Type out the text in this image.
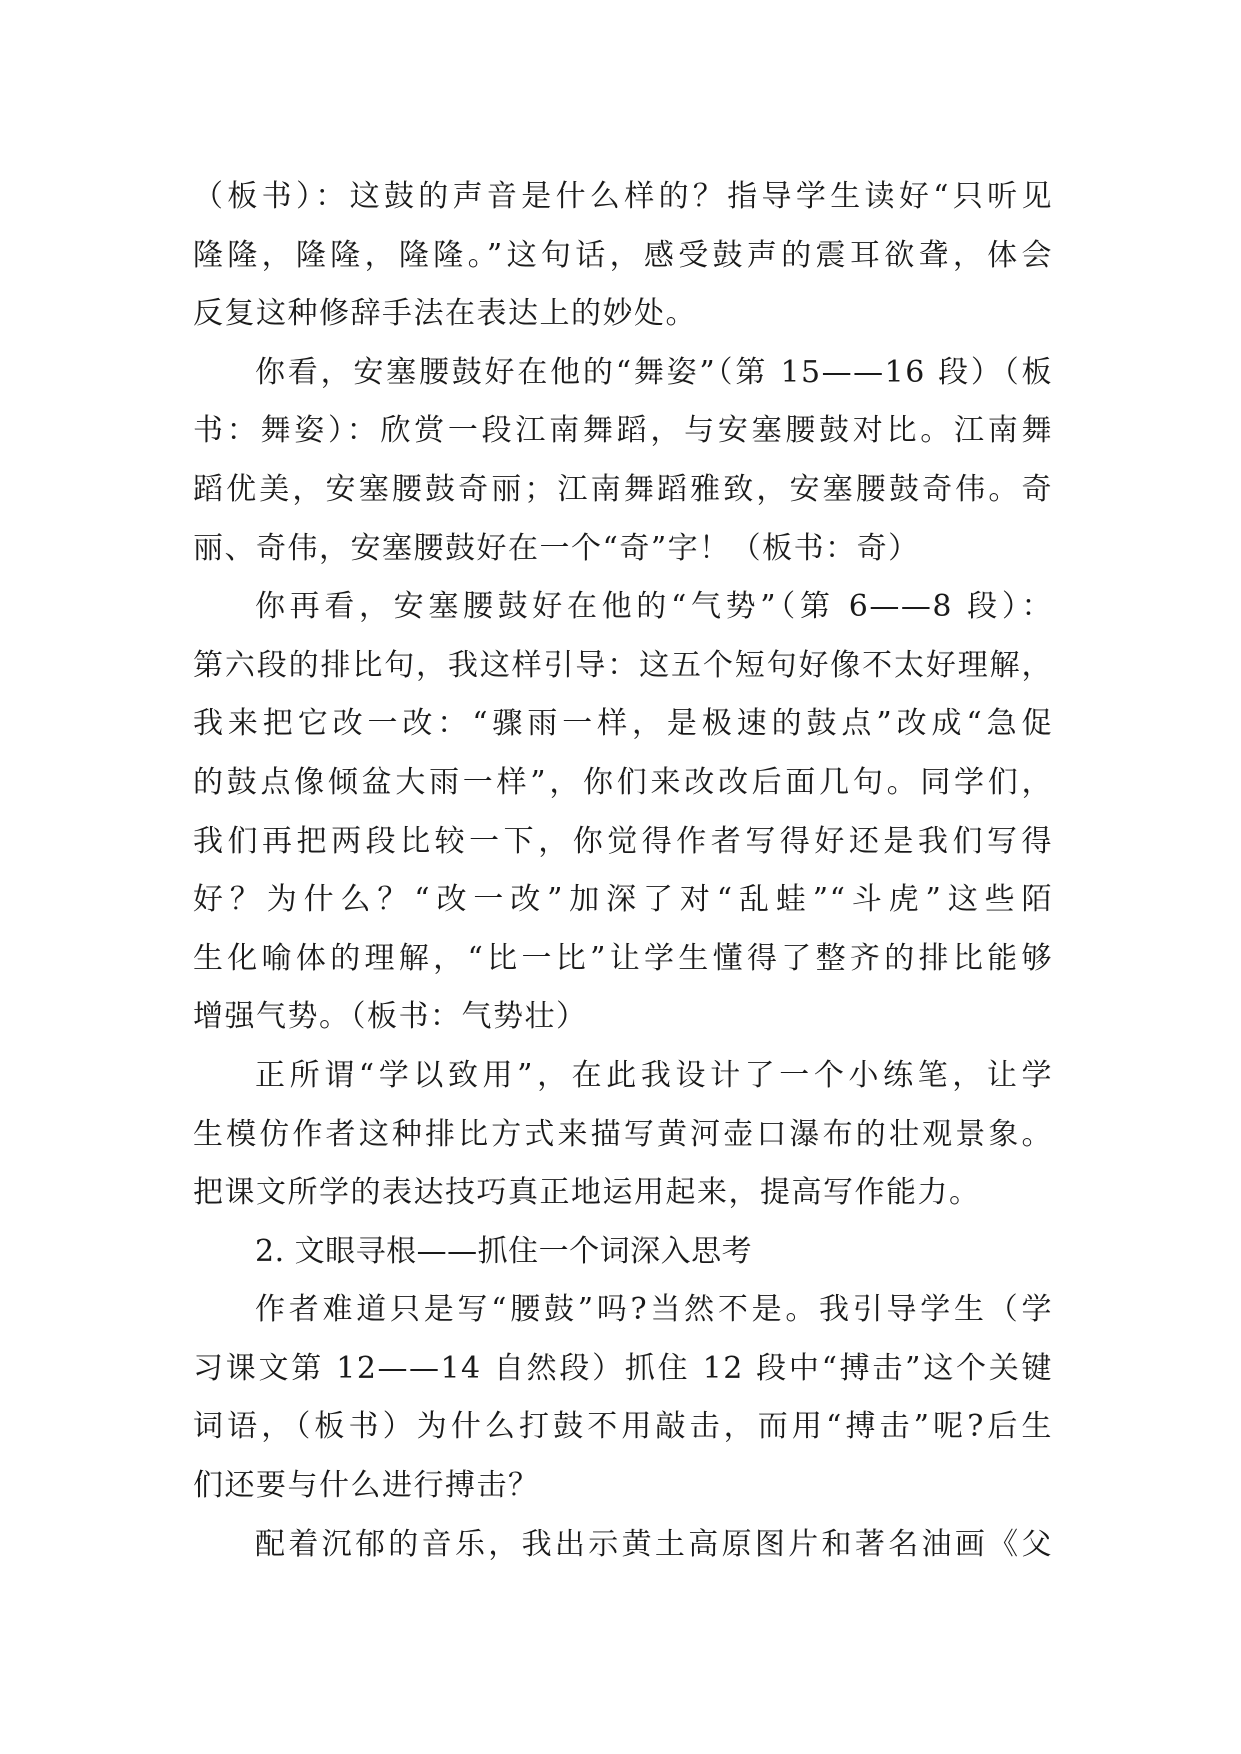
（板书）：这鼓的声音是什么样的？指导学生读好“只听见
隆隆，隆隆，隆隆。”这句话，感受鼓声的震耳欲聋，体会
反复这种修辞手法在表达上的妙处。
你看，安塞腰鼓好在他的“舞姿”（第 15——16 段）（板
书：舞姿）：欣赏一段江南舞蹈，与安塞腰鼓对比。江南舞
蹈优美，安塞腰鼓奇丽；江南舞蹈雅致，安塞腰鼓奇伟。奇
丽、奇伟，安塞腰鼓好在一个“奇”字！（板书：奇）
你再看，安塞腰鼓好在他的“气势”（第 6——8 段）：
第六段的排比句，我这样引导：这五个短句好像不太好理解，
我来把它改一改：“骤雨一样，是极速的鼓点”改成“急促
的鼓点像倾盆大雨一样”，你们来改改后面几句。同学们，
我们再把两段比较一下，你觉得作者写得好还是我们写得
好？为什么？“改一改”加深了对“乱蛙”“斗虎”这些陌
生化喻体的理解，“比一比”让学生懂得了整齐的排比能够
增强气势。（板书：气势壮）
正所谓“学以致用”，在此我设计了一个小练笔，让学
生模仿作者这种排比方式来描写黄河壶口瀑布的壮观景象。
把课文所学的表达技巧真正地运用起来，提高写作能力。
2. 文眼寻根——抓住一个词深入思考
作者难道只是写“腰鼓”吗?当然不是。我引导学生（学
习课文第 12——14 自然段）抓住 12 段中“搏击”这个关键
词语，（板书）为什么打鼓不用敲击，而用“搏击”呢?后生
们还要与什么进行搏击？
配着沉郁的音乐，我出示黄土高原图片和著名油画《父
